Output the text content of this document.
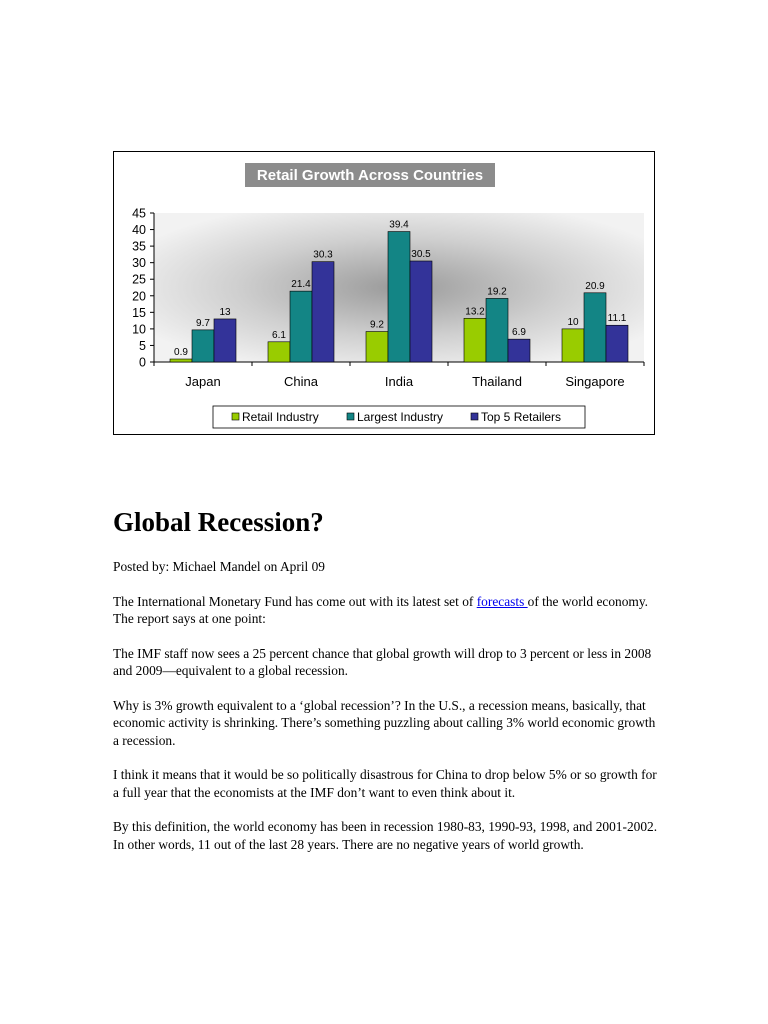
Retail Growth Across Countries
0
5
10
15
20
25
30
35
40
45
0.9
9.7
13
6.1
21.4
30.3
9.2
39.4
30.5
13.2
19.2
6.9
10
20.9
11.1
Japan	China	India	Thailand	Singapore
Retail Industry	Largest Industry	Top 5 Retailers
Global Recession?

Posted by: Michael Mandel on April 09

The International Monetary Fund has come out with its latest set of forecasts of the world economy. The report says at one point:

The IMF staff now sees a 25 percent chance that global growth will drop to 3 percent or less in 2008 and 2009—equivalent to a global recession.

Why is 3% growth equivalent to a ‘global recession’? In the U.S., a recession means, basically, that economic activity is shrinking. There’s something puzzling about calling 3% world economic growth a recession.

I think it means that it would be so politically disastrous for China to drop below 5% or so growth for a full year that the economists at the IMF don’t want to even think about it.

By this definition, the world economy has been in recession 1980-83, 1990-93, 1998, and 2001-2002. In other words, 11 out of the last 28 years. There are no negative years of world growth.
